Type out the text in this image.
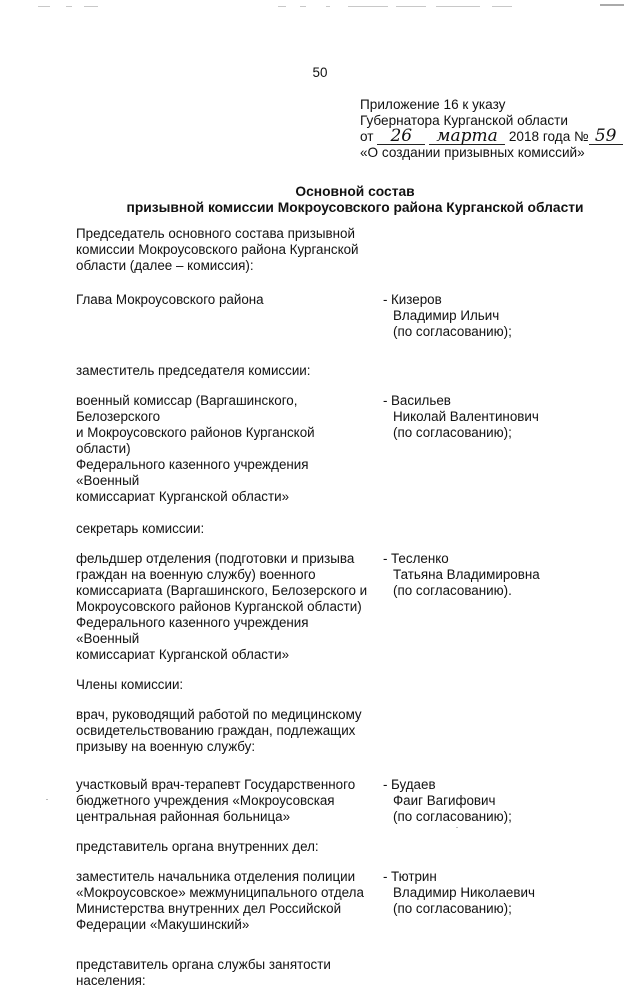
50
Приложение 16 к указу
Губернатора Курганской области
от 26 марта 2018 года № 59
«О создании призывных комиссий»
Основной состав
призывной комиссии Мокроусовского района Курганской области
Председатель основного состава призывной
комиссии Мокроусовского района Курганской
области (далее – комиссия):
Глава Мокроусовского района	- Кизеров
Владимир Ильич
(по согласованию);
заместитель председателя комиссии:
военный комиссар (Варгашинского, Белозерского
и Мокроусовского районов Курганской области)
Федерального казенного учреждения «Военный
комиссариат Курганской области»
- Васильев
Николай Валентинович
(по согласованию);
секретарь комиссии:
фельдшер отделения (подготовки и призыва
граждан на военную службу) военного
комиссариата (Варгашинского, Белозерского и
Мокроусовского районов Курганской области)
Федерального казенного учреждения «Военный
комиссариат Курганской области»
- Тесленко
Татьяна Владимировна
(по согласованию).
Члены комиссии:
врач, руководящий работой по медицинскому
освидетельствованию граждан, подлежащих
призыву на военную службу:
участковый врач-терапевт Государственного
бюджетного учреждения «Мокроусовская
центральная районная больница»
- Будаев
Фаиг Вагифович
(по согласованию);
представитель органа внутренних дел:
заместитель начальника отделения полиции
«Мокроусовское» межмуниципального отдела
Министерства внутренних дел Российской
Федерации «Макушинский»
- Тютрин
Владимир Николаевич
(по согласованию);
представитель органа службы занятости
населения:
